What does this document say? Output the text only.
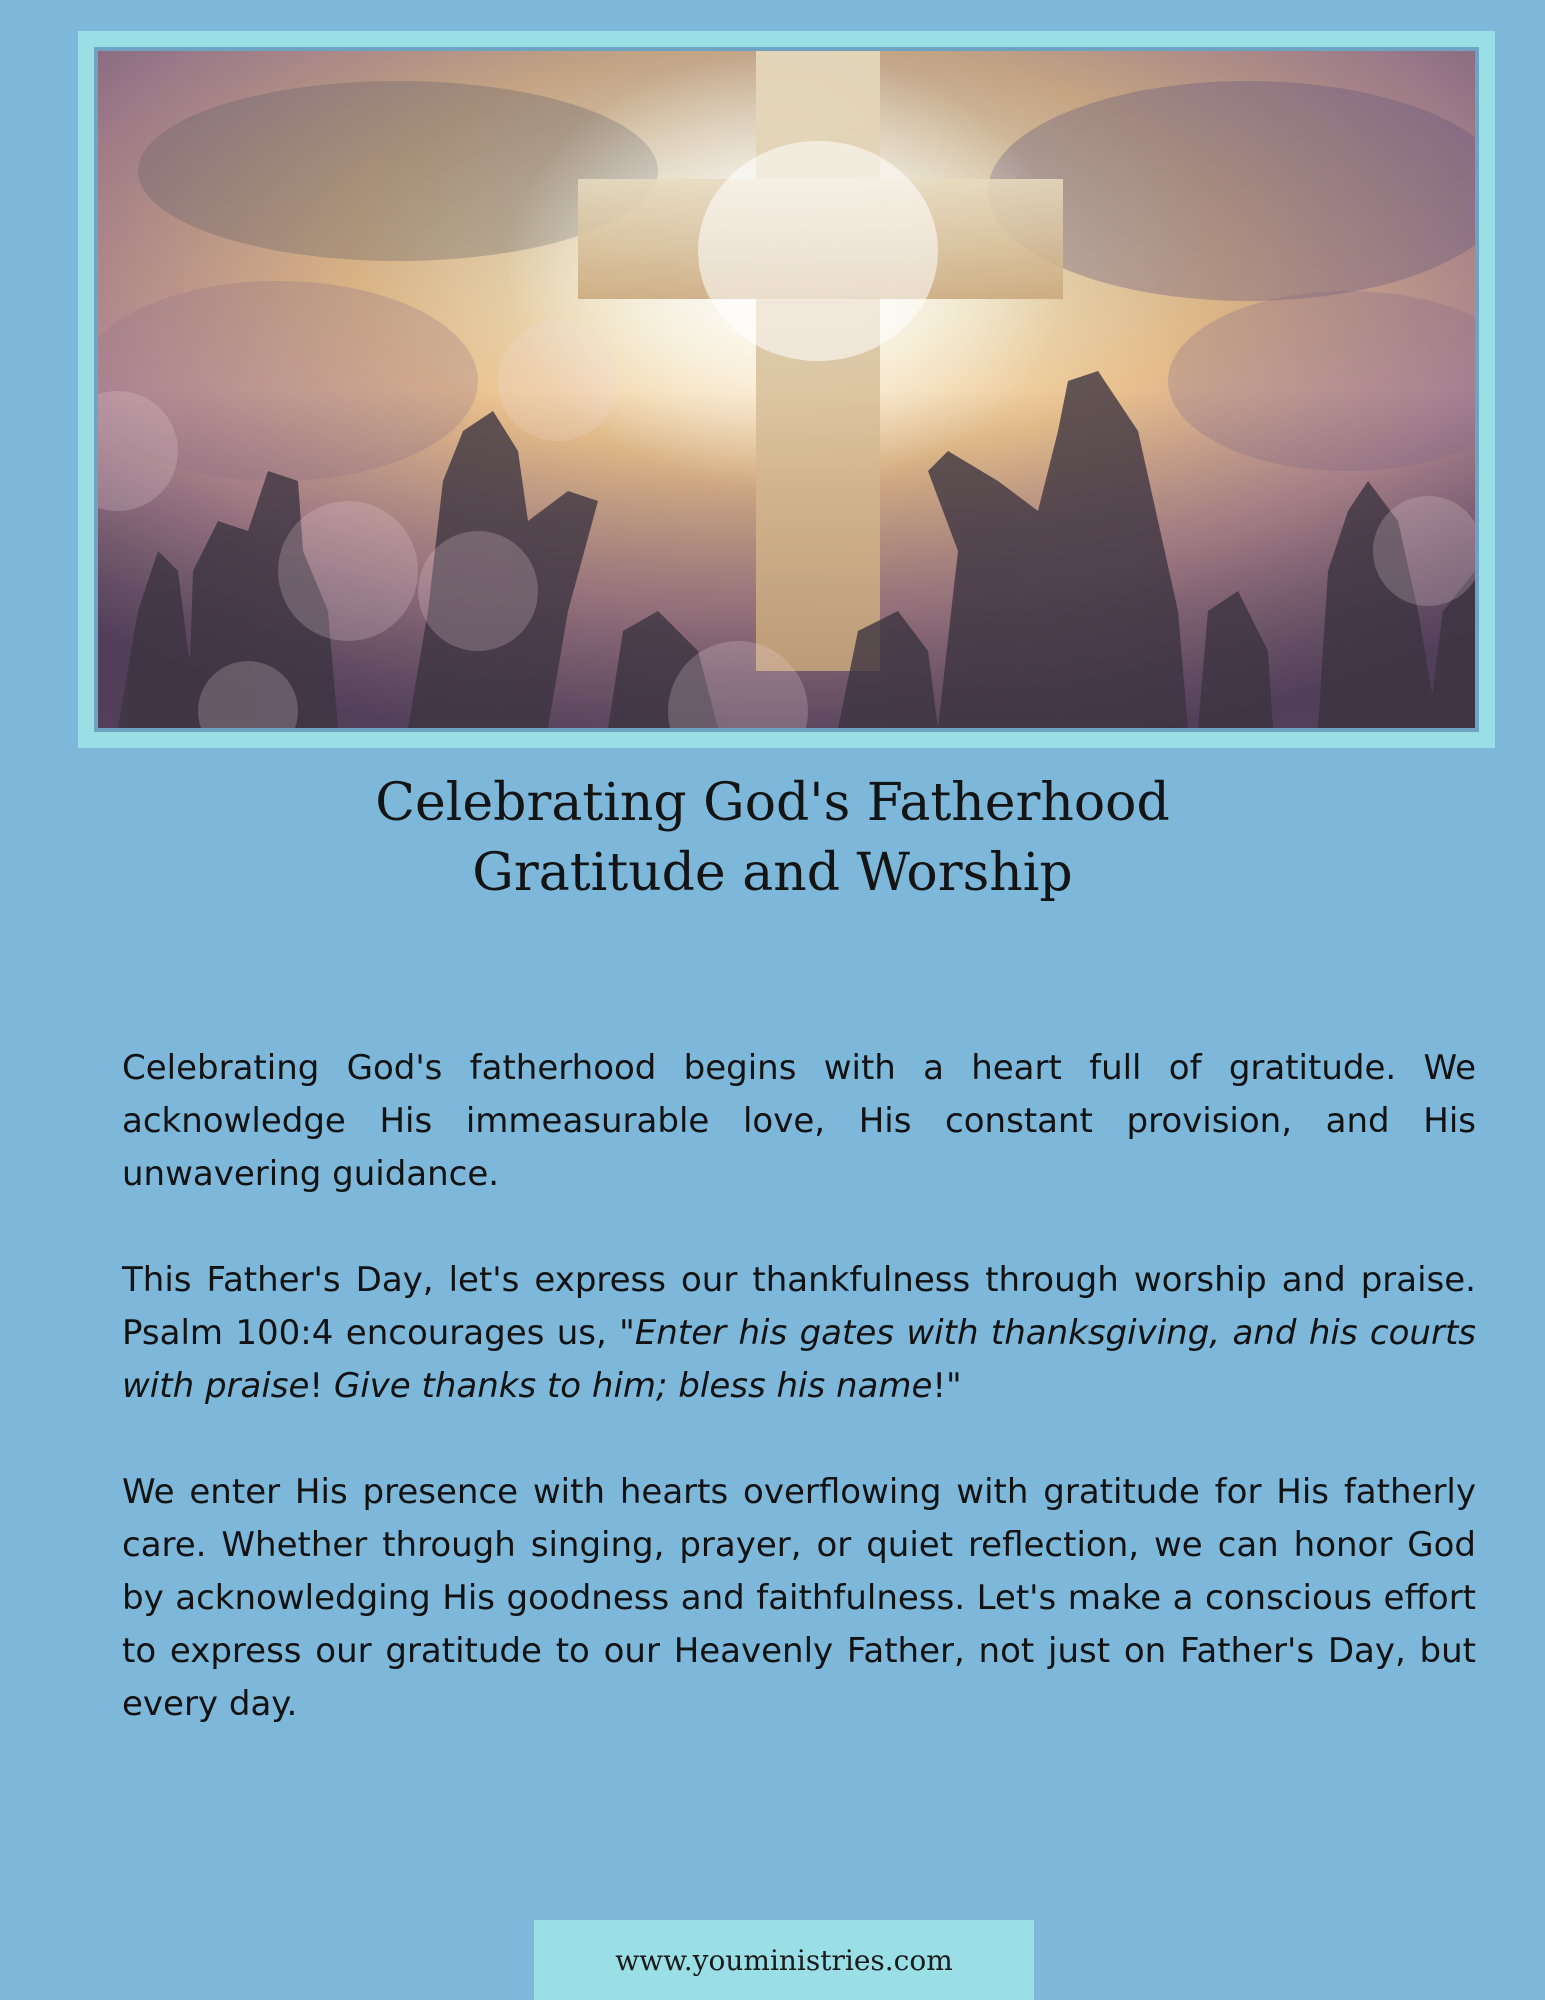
Celebrating God's Fatherhood
Gratitude and Worship

Celebrating God's fatherhood begins with a heart full of gratitude. We acknowledge His immeasurable love, His constant provision, and His unwavering guidance.

This Father's Day, let's express our thankfulness through worship and praise. Psalm 100:4 encourages us, "Enter his gates with thanksgiving, and his courts with praise! Give thanks to him; bless his name!"

We enter His presence with hearts overflowing with gratitude for His fatherly care. Whether through singing, prayer, or quiet reflection, we can honor God by acknowledging His goodness and faithfulness. Let's make a conscious effort to express our gratitude to our Heavenly Father, not just on Father's Day, but every day.

www.youministries.com
